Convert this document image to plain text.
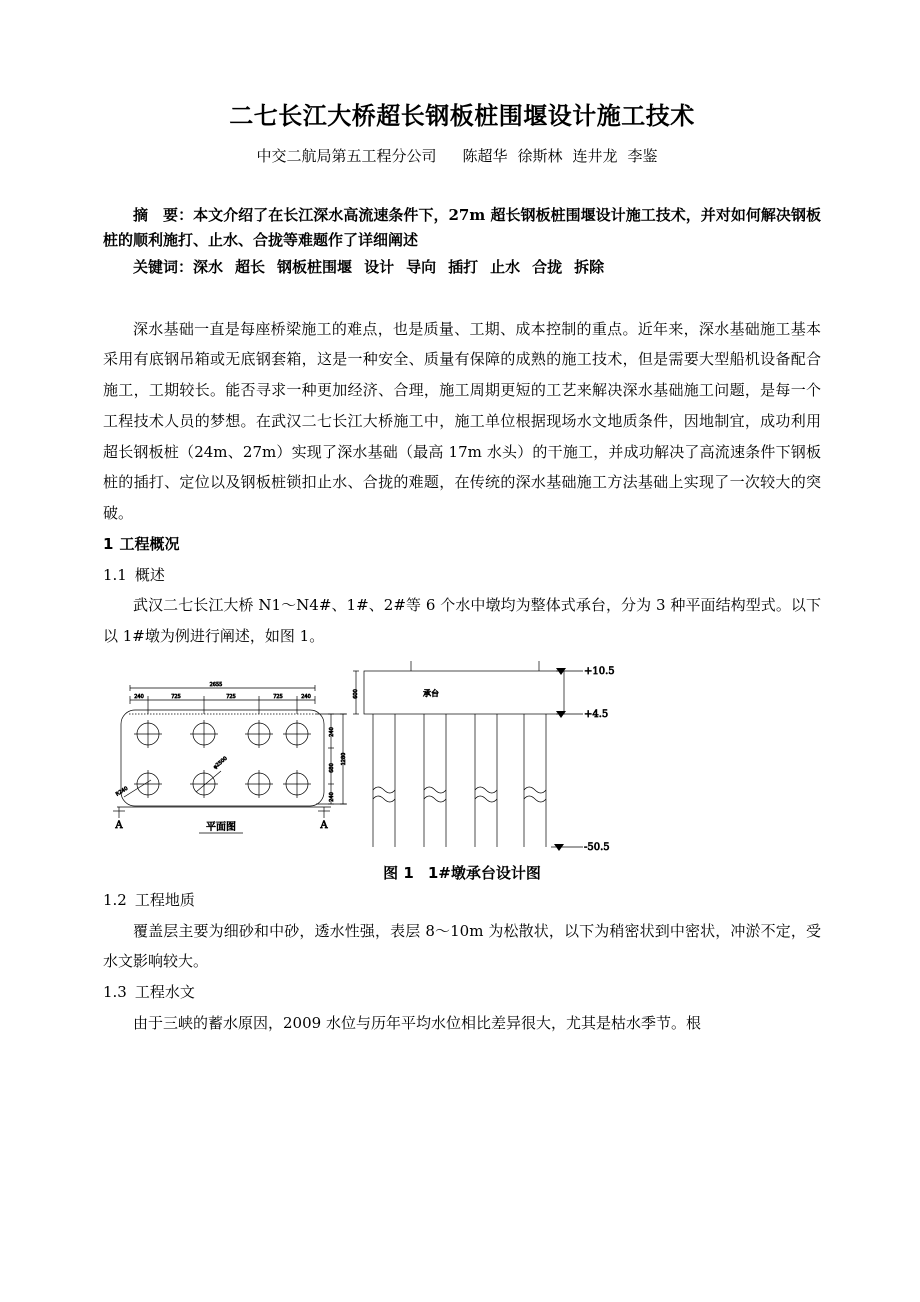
二七长江大桥超长钢板桩围堰设计施工技术
中交二航局第五工程分公司 陈超华 徐斯林 连井龙 李鉴

摘　要：本文介绍了在长江深水高流速条件下，27m 超长钢板桩围堰设计施工技术，并对如何解决钢板桩的顺利施打、止水、合拢等难题作了详细阐述

关键词：深水 超长 钢板桩围堰 设计 导向 插打 止水 合拢 拆除

深水基础一直是每座桥梁施工的难点，也是质量、工期、成本控制的重点。近年来，深水基础施工基本采用有底钢吊箱或无底钢套箱，这是一种安全、质量有保障的成熟的施工技术，但是需要大型船机设备配合施工，工期较长。能否寻求一种更加经济、合理，施工周期更短的工艺来解决深水基础施工问题，是每一个工程技术人员的梦想。在武汉二七长江大桥施工中，施工单位根据现场水文地质条件，因地制宜，成功利用超长钢板桩（24m、27m）实现了深水基础（最高 17m 水头）的干施工，并成功解决了高流速条件下钢板桩的插打、定位以及钢板桩锁扣止水、合拢的难题，在传统的深水基础施工方法基础上实现了一次较大的突破。

1 工程概况
1.1 概述

武汉二七长江大桥 N1～N4#、1#、2#等 6 个水中墩均为整体式承台，分为 3 种平面结构型式。以下以 1#墩为例进行阐述，如图 1。

2655
240	725	725	725	240
R240
φ2500
240
680
240
1280
A	A
平面图
承台
600
+10.5
+4.5
-50.5
图 1 1#墩承台设计图
1.2 工程地质

覆盖层主要为细砂和中砂，透水性强，表层 8～10m 为松散状，以下为稍密状到中密状，冲淤不定，受水文影响较大。

1.3 工程水文

由于三峡的蓄水原因，2009 水位与历年平均水位相比差异很大，尤其是枯水季节。根
